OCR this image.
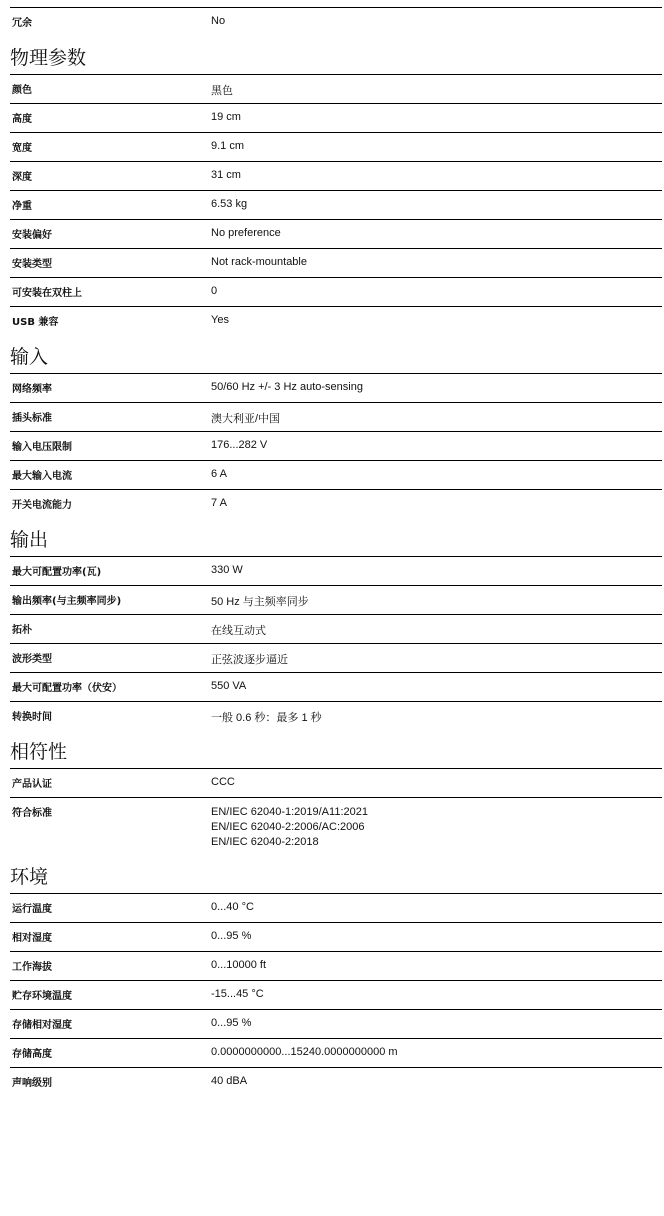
冗余	No
物理参数
颜色	黑色
高度	19 cm
宽度	9.1 cm
深度	31 cm
净重	6.53 kg
安装偏好	No preference
安装类型	Not rack-mountable
可安装在双柱上	0
USB 兼容	Yes
输入
网络频率	50/60 Hz +/- 3 Hz auto-sensing
插头标准	澳大利亚/中国
输入电压限制	176...282 V
最大输入电流	6 A
开关电流能力	7 A
输出
最大可配置功率(瓦)	330 W
输出频率(与主频率同步)	50 Hz 与主频率同步
拓朴	在线互动式
波形类型	正弦波逐步逼近
最大可配置功率（伏安）	550 VA
转换时间	一般 0.6 秒：最多 1 秒
相符性
产品认证	CCC
符合标准	EN/IEC 62040-1:2019/A11:2021
EN/IEC 62040-2:2006/AC:2006
EN/IEC 62040-2:2018
环境
运行温度	0...40 °C
相对湿度	0...95 %
工作海拔	0...10000 ft
贮存环境温度	-15...45 °C
存储相对湿度	0...95 %
存储高度	0.0000000000...15240.0000000000 m
声响级别	40 dBA
